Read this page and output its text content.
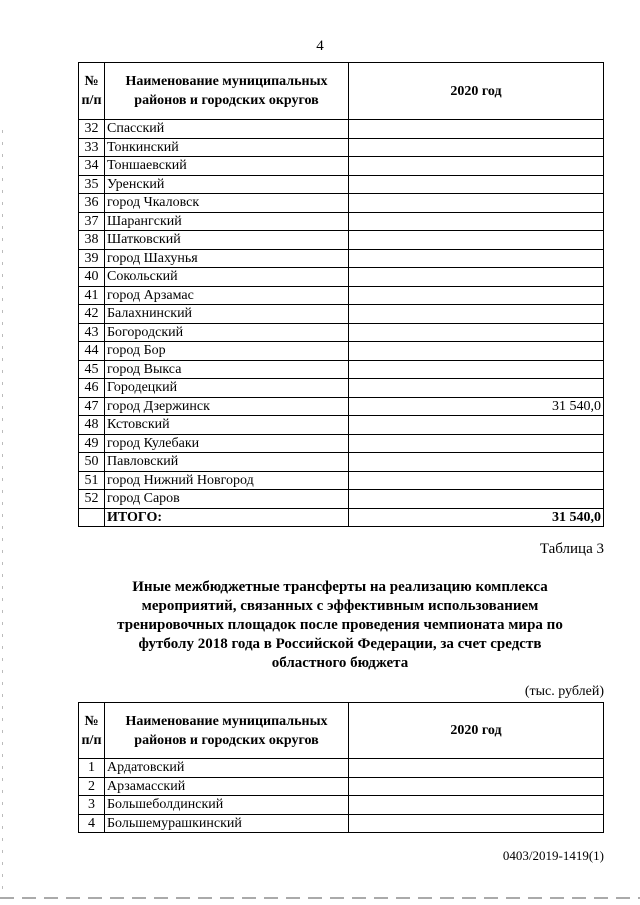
4
№ п/п	Наименование муниципальных районов и городских округов	2020 год
32	Спасский	
33	Тонкинский	
34	Тоншаевский	
35	Уренский	
36	город Чкаловск	
37	Шарангский	
38	Шатковский	
39	город Шахунья	
40	Сокольский	
41	город Арзамас	
42	Балахнинский	
43	Богородский	
44	город Бор	
45	город Выкса	
46	Городецкий	
47	город Дзержинск	31 540,0
48	Кстовский	
49	город Кулебаки	
50	Павловский	
51	город Нижний Новгород	
52	город Саров	
	ИТОГО:	31 540,0
Таблица 3
Иные межбюджетные трансферты на реализацию комплекса мероприятий, связанных с эффективным использованием тренировочных площадок после проведения чемпионата мира по футболу 2018 года в Российской Федерации, за счет средств областного бюджета
(тыс. рублей)
№ п/п	Наименование муниципальных районов и городских округов	2020 год
1	Ардатовский	
2	Арзамасский	
3	Большеболдинский	
4	Большемурашкинский	
0403/2019-1419(1)
